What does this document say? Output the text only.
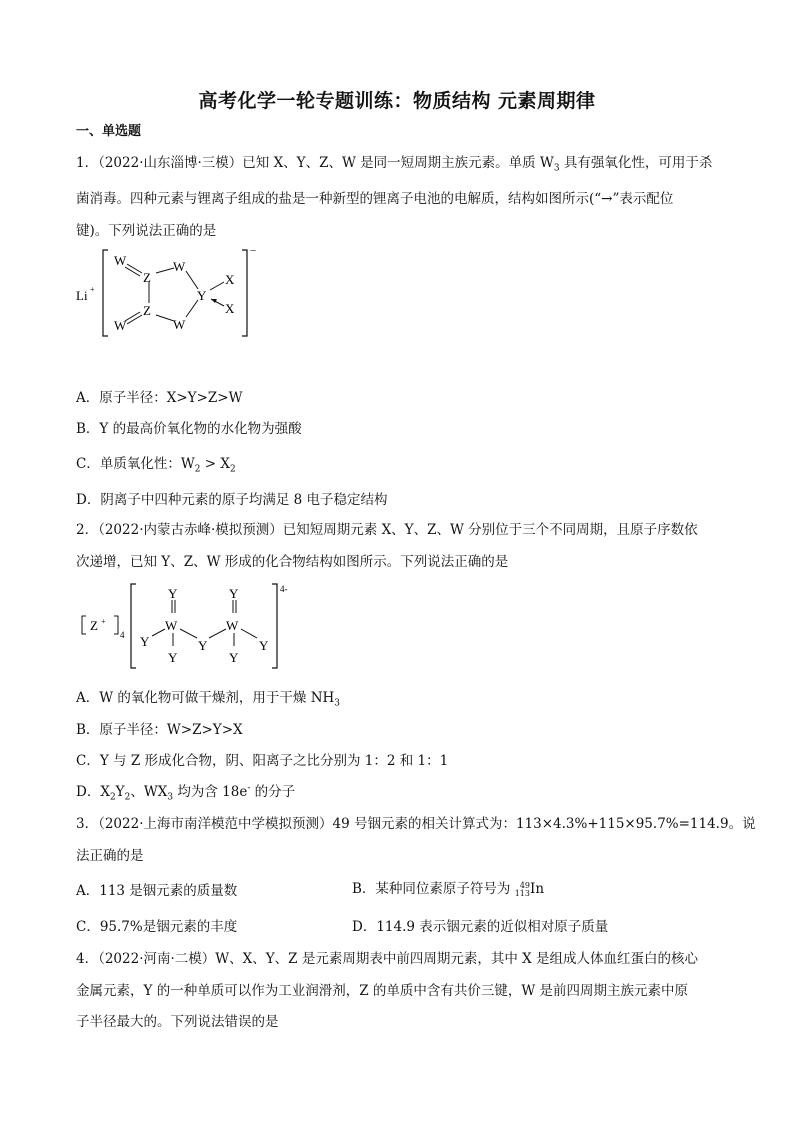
高考化学一轮专题训练：物质结构 元素周期律
一、单选题
1．（2022·山东淄博·三模）已知 X、Y、Z、W 是同一短周期主族元素。单质 $W_3$ 具有强氧化性，可用于杀
菌消毒。四种元素与锂离子组成的盐是一种新型的锂离子电池的电解质，结构如图所示(“→”表示配位
键)。下列说法正确的是
Li +
−
W
Z
W
Y
X
X
W
Z
W
A．原子半径：X>Y>Z>W
B．Y 的最高价氧化物的水化物为强酸
C．单质氧化性：$W_2 > X_2$
D．阴离子中四种元素的原子均满足 8 电子稳定结构
2．（2022·内蒙古赤峰·模拟预测）已知短周期元素 X、Y、Z、W 分别位于三个不同周期，且原子序数依
次递增，已知 Y、Z、W 形成的化合物结构如图所示。下列说法正确的是
Z +
4
4-
Y	Y
Y
W
Y
W
Y
Y	Y
A．W 的氧化物可做干燥剂，用于干燥 $NH_3$
B．原子半径：W>Z>Y>X
C．Y 与 Z 形成化合物，阴、阳离子之比分别为 1：2 和 1：1
D．$X_2Y_2$、$WX_3$ 均为含 18e- 的分子
3．（2022·上海市南洋模范中学模拟预测）49 号铟元素的相关计算式为：113×4.3%+115×95.7%=114.9。说
法正确的是
A．113 是铟元素的质量数	B．某种同位素原子符号为	49
113 In
C．95.7%是铟元素的丰度	D．114.9 表示铟元素的近似相对原子质量
4．（2022·河南·二模）W、X、Y、Z 是元素周期表中前四周期元素，其中 X 是组成人体血红蛋白的核心
金属元素，Y 的一种单质可以作为工业润滑剂，Z 的单质中含有共价三键，W 是前四周期主族元素中原
子半径最大的。下列说法错误的是
